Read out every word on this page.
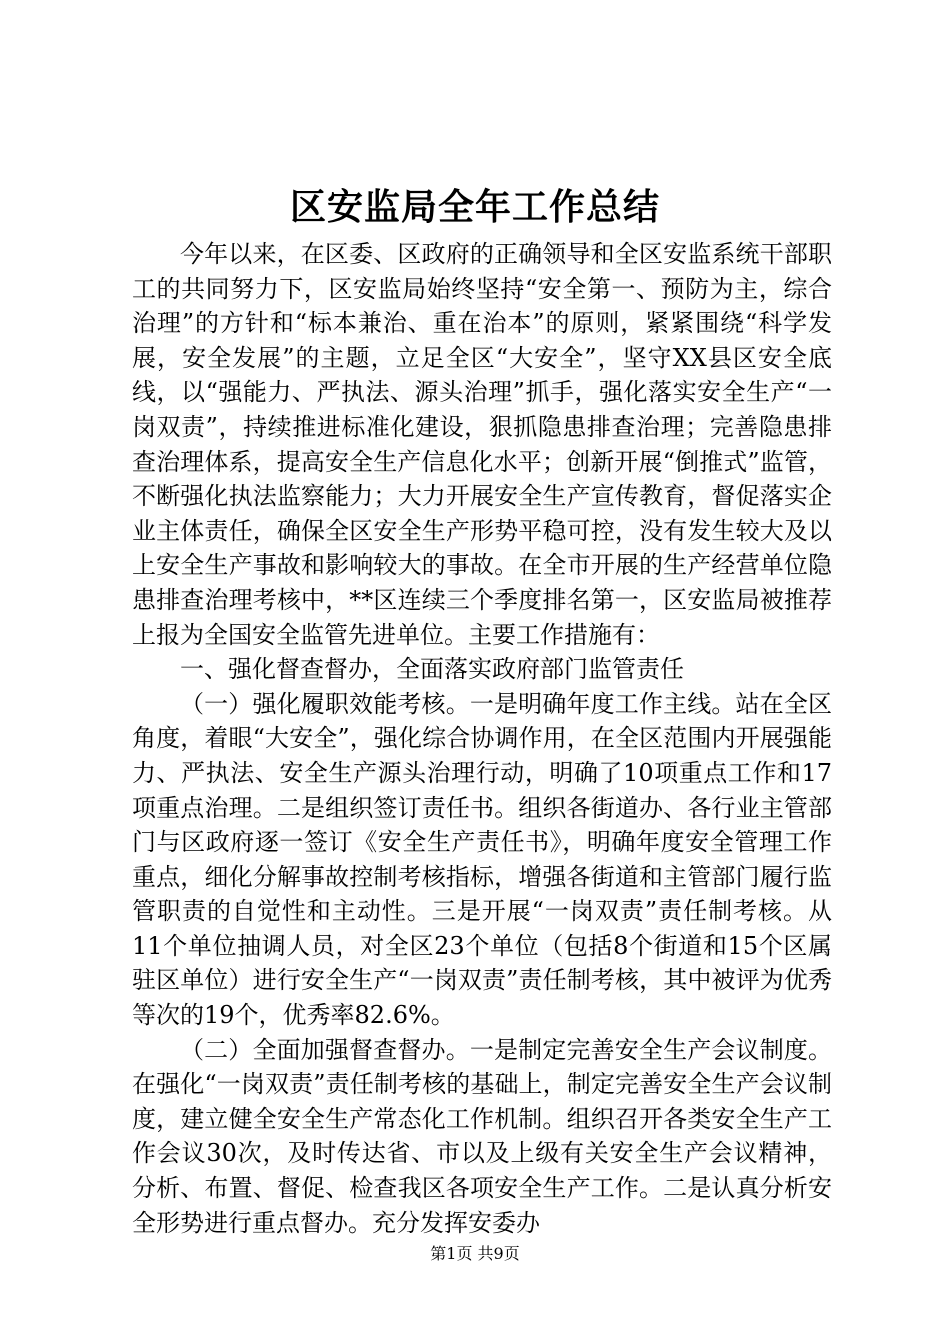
区安监局全年工作总结

今年以来，在区委、区政府的正确领导和全区安监系统干部职工的共同努力下，区安监局始终坚持“安全第一、预防为主，综合治理”的方针和“标本兼治、重在治本”的原则，紧紧围绕“科学发展，安全发展”的主题，立足全区“大安全”，坚守XX县区安全底线，以“强能力、严执法、源头治理”抓手，强化落实安全生产“一岗双责”，持续推进标准化建设，狠抓隐患排查治理；完善隐患排查治理体系，提高安全生产信息化水平；创新开展“倒推式”监管，不断强化执法监察能力；大力开展安全生产宣传教育，督促落实企业主体责任，确保全区安全生产形势平稳可控，没有发生较大及以上安全生产事故和影响较大的事故。在全市开展的生产经营单位隐患排查治理考核中，**区连续三个季度排名第一，区安监局被推荐上报为全国安全监管先进单位。主要工作措施有：

一、强化督查督办，全面落实政府部门监管责任

（一）强化履职效能考核。一是明确年度工作主线。站在全区角度，着眼“大安全”，强化综合协调作用，在全区范围内开展强能力、严执法、安全生产源头治理行动，明确了10项重点工作和17项重点治理。二是组织签订责任书。组织各街道办、各行业主管部门与区政府逐一签订《安全生产责任书》，明确年度安全管理工作重点，细化分解事故控制考核指标，增强各街道和主管部门履行监管职责的自觉性和主动性。三是开展“一岗双责”责任制考核。从11个单位抽调人员，对全区23个单位（包括8个街道和15个区属驻区单位）进行安全生产“一岗双责”责任制考核，其中被评为优秀等次的19个，优秀率82.6%。

（二）全面加强督查督办。一是制定完善安全生产会议制度。在强化“一岗双责”责任制考核的基础上，制定完善安全生产会议制度，建立健全安全生产常态化工作机制。组织召开各类安全生产工作会议30次，及时传达省、市以及上级有关安全生产会议精神，分析、布置、督促、检查我区各项安全生产工作。二是认真分析安全形势进行重点督办。充分发挥安委办

第1页 共9页
